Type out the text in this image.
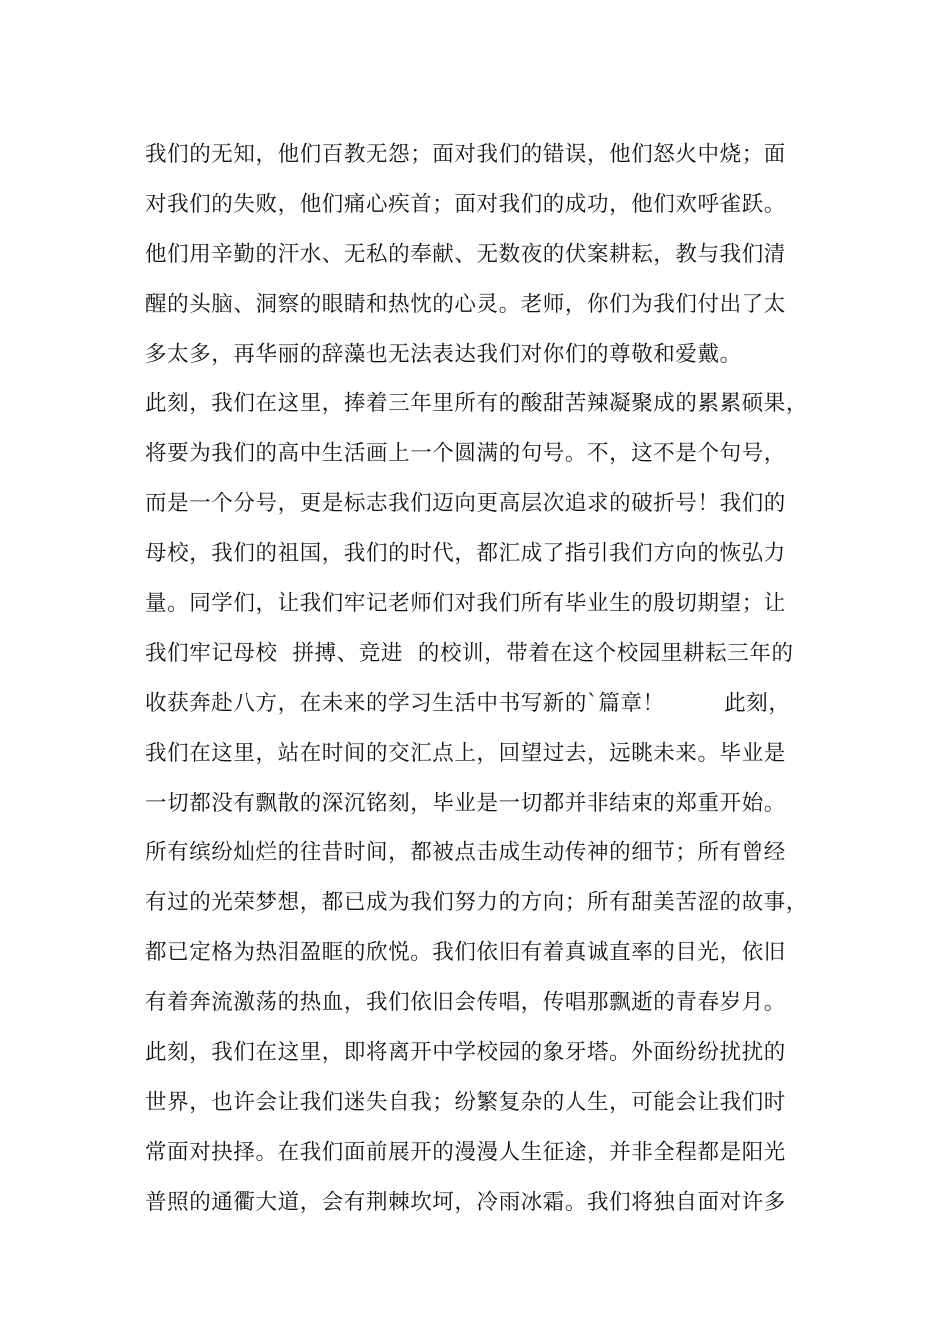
我们的无知，他们百教无怨；面对我们的错误，他们怒火中烧；面
对我们的失败，他们痛心疾首；面对我们的成功，他们欢呼雀跃。
他们用辛勤的汗水、无私的奉献、无数夜的伏案耕耘，教与我们清
醒的头脑、洞察的眼睛和热忱的心灵。老师，你们为我们付出了太
多太多，再华丽的辞藻也无法表达我们对你们的尊敬和爱戴。
此刻，我们在这里，捧着三年里所有的酸甜苦辣凝聚成的累累硕果，
将要为我们的高中生活画上一个圆满的句号。不，这不是个句号，
而是一个分号，更是标志我们迈向更高层次追求的破折号！我们的
母校，我们的祖国，我们的时代，都汇成了指引我们方向的恢弘力
量。同学们，让我们牢记老师们对我们所有毕业生的殷切期望；让
我们牢记母校  拼搏、竞进  的校训，带着在这个校园里耕耘三年的
收获奔赴八方，在未来的学习生活中书写新的`篇章！        此刻，
我们在这里，站在时间的交汇点上，回望过去，远眺未来。毕业是
一切都没有飘散的深沉铭刻，毕业是一切都并非结束的郑重开始。
所有缤纷灿烂的往昔时间，都被点击成生动传神的细节；所有曾经
有过的光荣梦想，都已成为我们努力的方向；所有甜美苦涩的故事，
都已定格为热泪盈眶的欣悦。我们依旧有着真诚直率的目光，依旧
有着奔流激荡的热血，我们依旧会传唱，传唱那飘逝的青春岁月。
此刻，我们在这里，即将离开中学校园的象牙塔。外面纷纷扰扰的
世界，也许会让我们迷失自我；纷繁复杂的人生，可能会让我们时
常面对抉择。在我们面前展开的漫漫人生征途，并非全程都是阳光
普照的通衢大道，会有荆棘坎坷，冷雨冰霜。我们将独自面对许多
